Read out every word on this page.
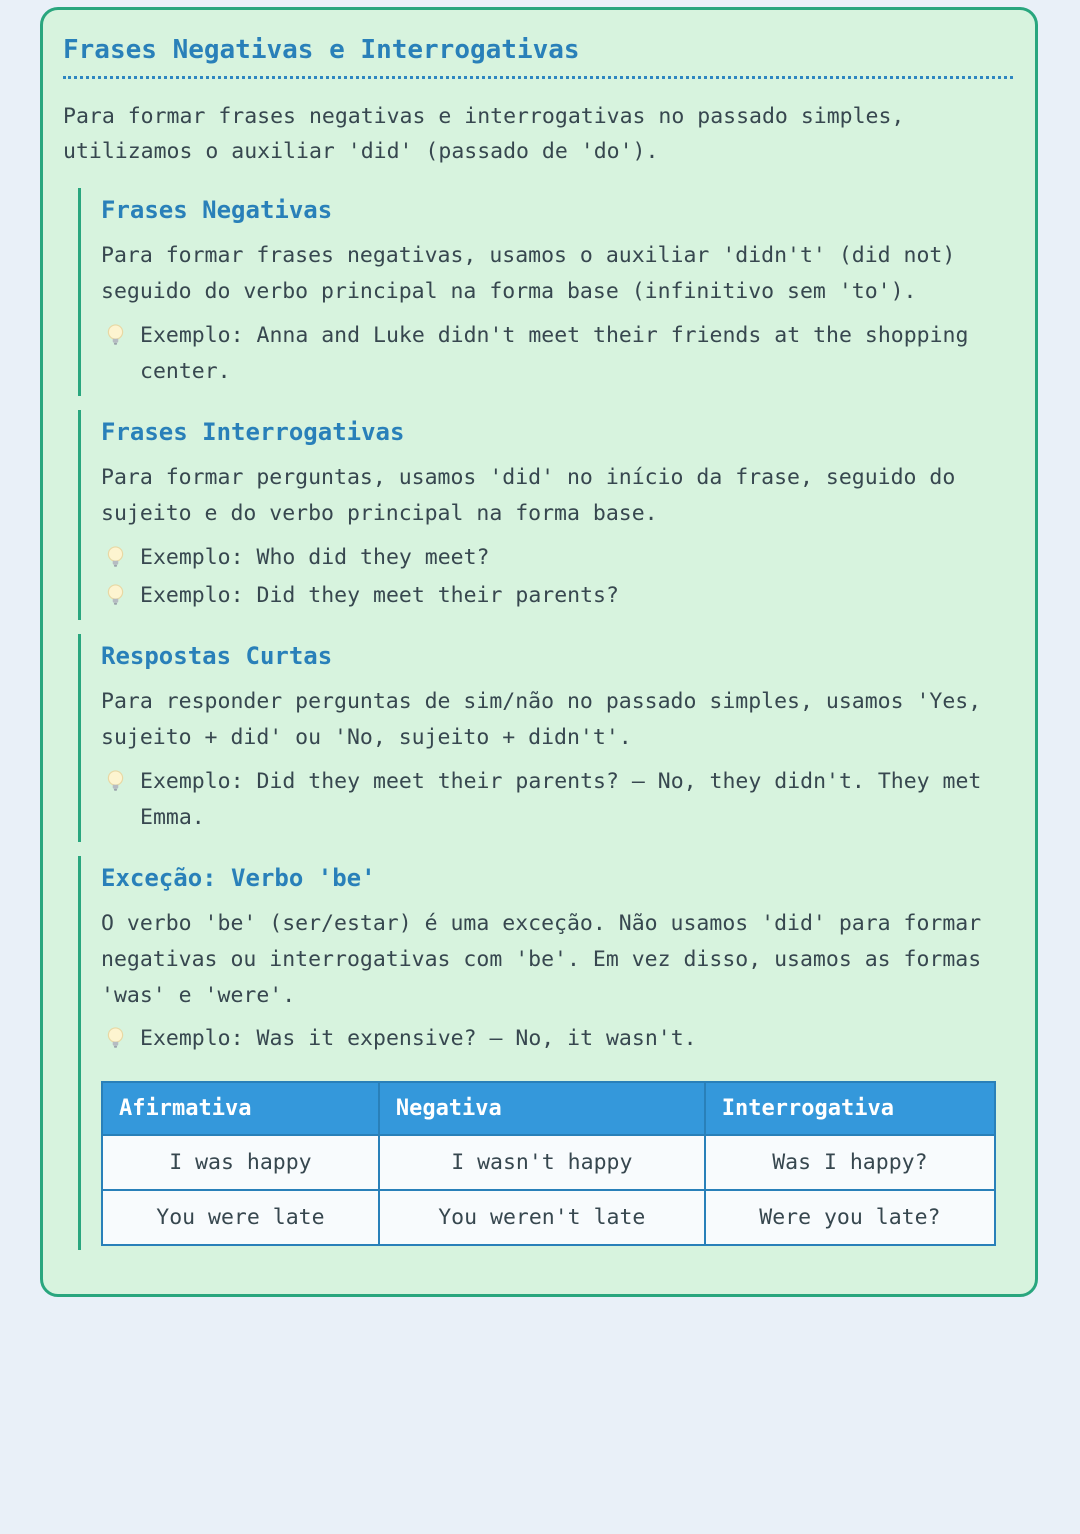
Frases Negativas e Interrogativas

Para formar frases negativas e interrogativas no passado simples, utilizamos o auxiliar 'did' (passado de 'do').

Frases Negativas

Para formar frases negativas, usamos o auxiliar 'didn't' (did not) seguido do verbo principal na forma base (infinitivo sem 'to').

Exemplo: Anna and Luke didn't meet their friends at the shopping center.
Frases Interrogativas

Para formar perguntas, usamos 'did' no início da frase, seguido do sujeito e do verbo principal na forma base.

Exemplo: Who did they meet?
Exemplo: Did they meet their parents?
Respostas Curtas

Para responder perguntas de sim/não no passado simples, usamos 'Yes, sujeito + did' ou 'No, sujeito + didn't'.

Exemplo: Did they meet their parents? – No, they didn't. They met Emma.
Exceção: Verbo 'be'

O verbo 'be' (ser/estar) é uma exceção. Não usamos 'did' para formar negativas ou interrogativas com 'be'. Em vez disso, usamos as formas 'was' e 'were'.

Exemplo: Was it expensive? – No, it wasn't.
Afirmativa	Negativa	Interrogativa
I was happy	I wasn't happy	Was I happy?
You were late	You weren't late	Were you late?
